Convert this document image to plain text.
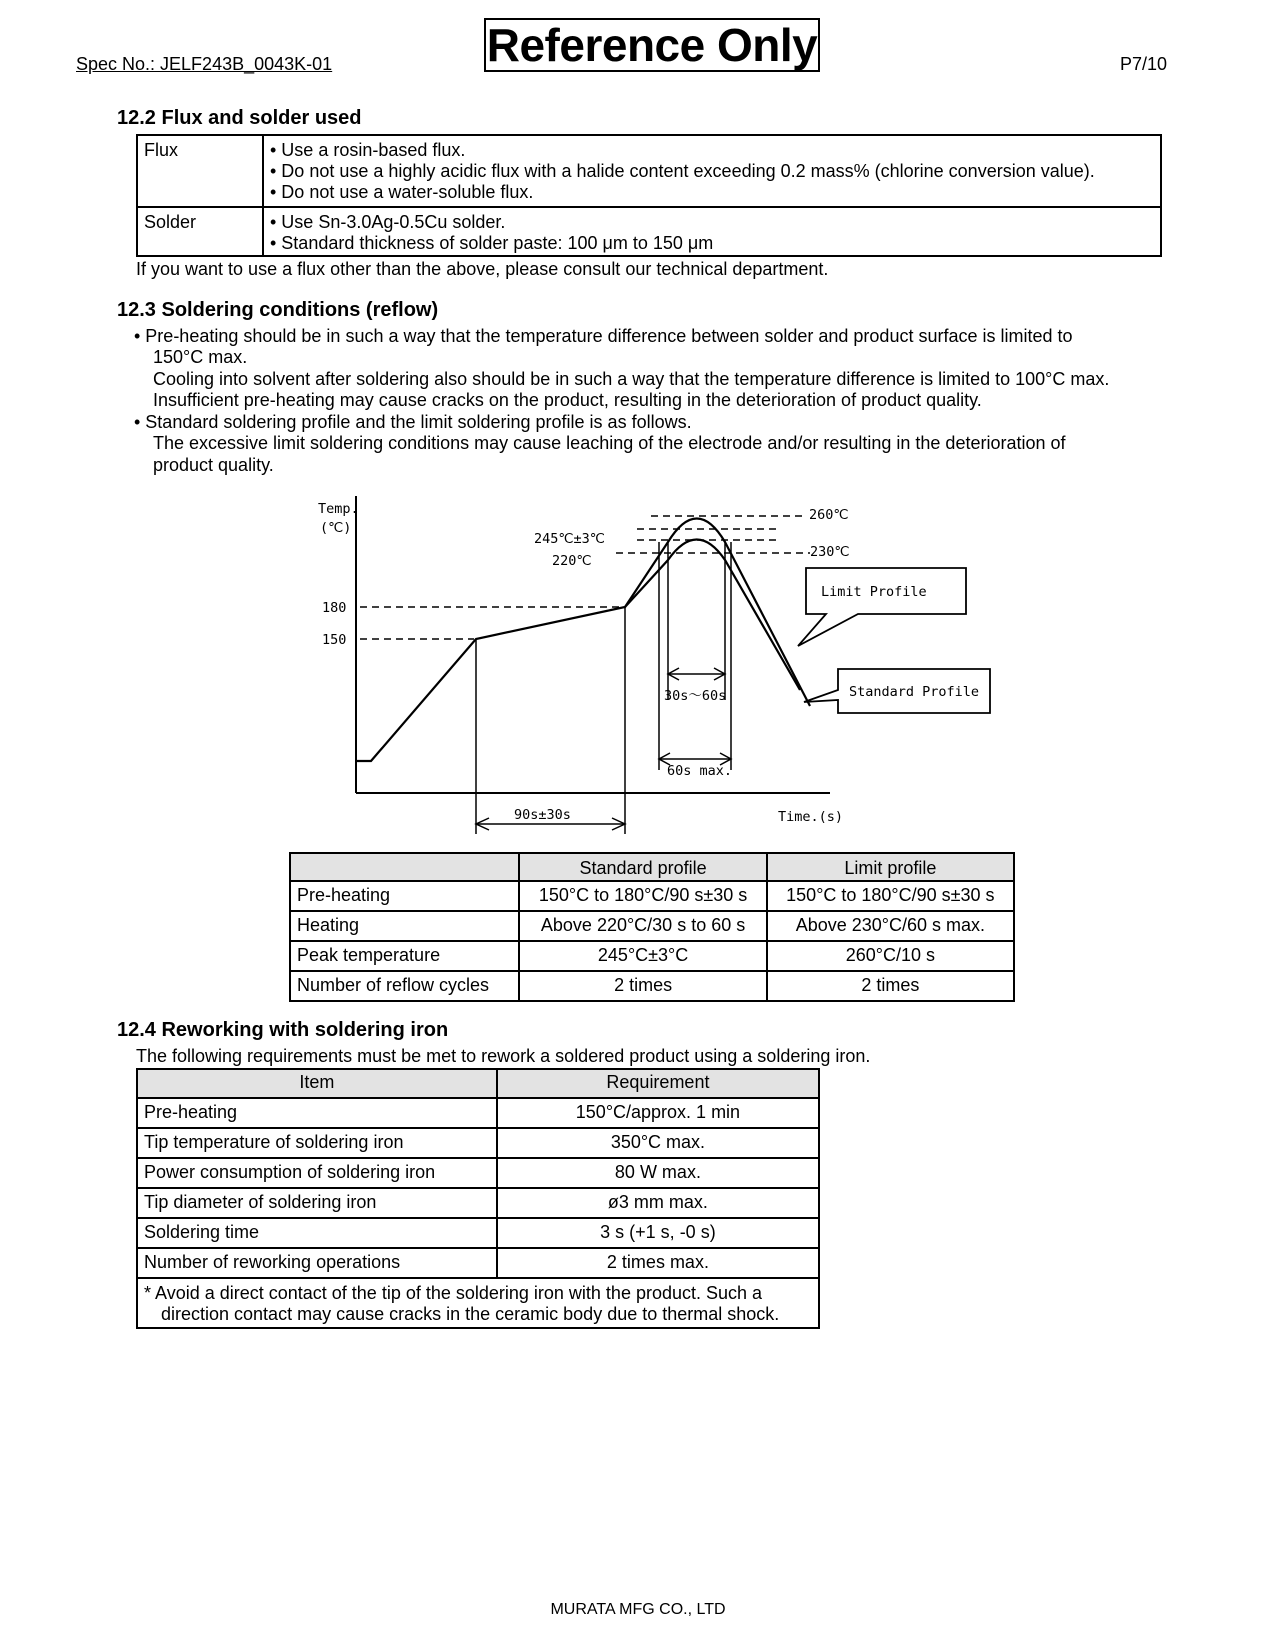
Spec No.: JELF243B_0043K-01	Reference Only	P7/10
12.2 Flux and solder used
Flux	• Use a rosin-based flux.
• Do not use a highly acidic flux with a halide content exceeding 0.2 mass% (chlorine conversion value).
• Do not use a water-soluble flux.

Solder	• Use Sn-3.0Ag-0.5Cu solder.
• Standard thickness of solder paste: 100 μm to 150 μm
If you want to use a flux other than the above, please consult our technical department.
12.3 Soldering conditions (reflow)
• Pre-heating should be in such a way that the temperature difference between solder and product surface is limited to
150°C max.
Cooling into solvent after soldering also should be in such a way that the temperature difference is limited to 100°C max.
Insufficient pre-heating may cause cracks on the product, resulting in the deterioration of product quality.
• Standard soldering profile and the limit soldering profile is as follows.
The excessive limit soldering conditions may cause leaching of the electrode and/or resulting in the deterioration of
product quality.
Temp.
(℃)
180
150
245℃±3℃
220℃
260℃
230℃
Limit Profile
Standard Profile
30s～60s
60s max.
90s±30s	Time.(s)
	Standard profile	Limit profile
Pre-heating	150°C to 180°C/90 s±30 s	150°C to 180°C/90 s±30 s
Heating	Above 220°C/30 s to 60 s	Above 230°C/60 s max.
Peak temperature	245°C±3°C	260°C/10 s
Number of reflow cycles	2 times	2 times
12.4 Reworking with soldering iron
The following requirements must be met to rework a soldered product using a soldering iron.
Item	Requirement
Pre-heating	150°C/approx. 1 min
Tip temperature of soldering iron	350°C max.
Power consumption of soldering iron	80 W max.
Tip diameter of soldering iron	ø3 mm max.
Soldering time	3 s (+1 s, -0 s)
Number of reworking operations	2 times max.

* Avoid a direct contact of the tip of the soldering iron with the product. Such a
direction contact may cause cracks in the ceramic body due to thermal shock.	
MURATA MFG CO., LTD
